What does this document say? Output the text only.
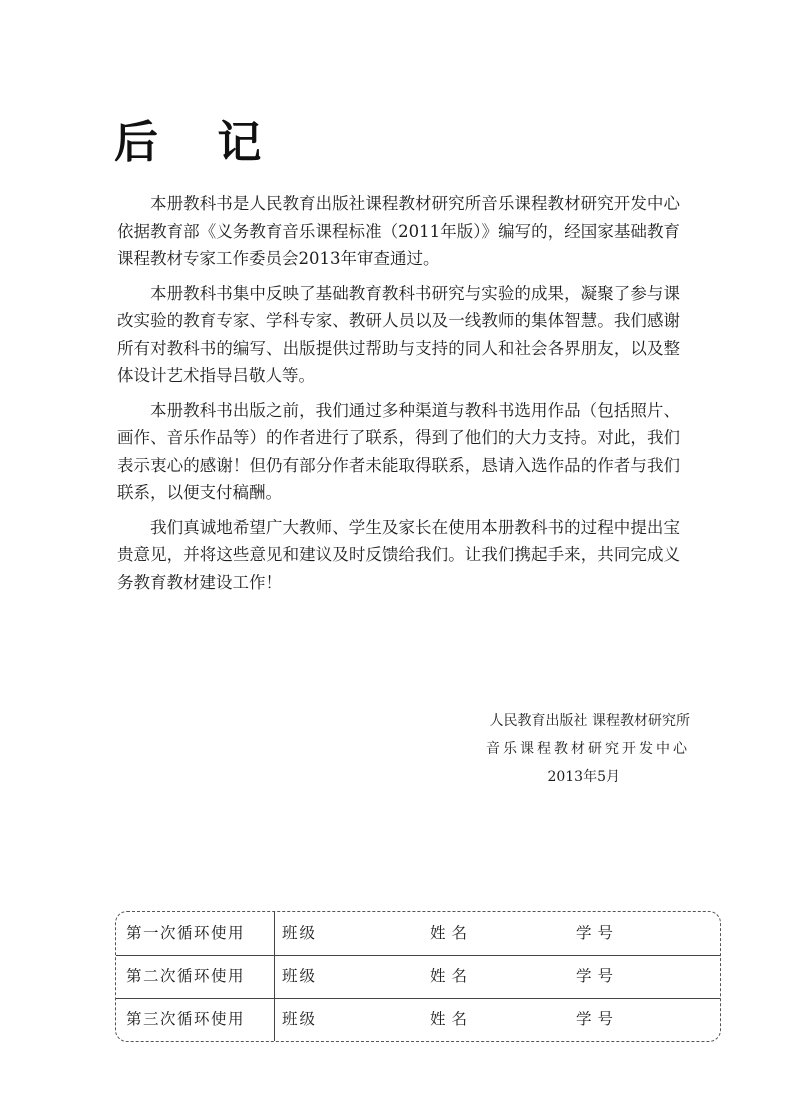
后 记

本册教科书是人民教育出版社课程教材研究所音乐课程教材研究开发中心依据教育部《义务教育音乐课程标准（2011年版）》编写的，经国家基础教育课程教材专家工作委员会2013年审查通过。

本册教科书集中反映了基础教育教科书研究与实验的成果，凝聚了参与课改实验的教育专家、学科专家、教研人员以及一线教师的集体智慧。我们感谢所有对教科书的编写、出版提供过帮助与支持的同人和社会各界朋友，以及整体设计艺术指导吕敬人等。

本册教科书出版之前，我们通过多种渠道与教科书选用作品（包括照片、画作、音乐作品等）的作者进行了联系，得到了他们的大力支持。对此，我们表示衷心的感谢！但仍有部分作者未能取得联系，恳请入选作品的作者与我们联系，以便支付稿酬。

我们真诚地希望广大教师、学生及家长在使用本册教科书的过程中提出宝贵意见，并将这些意见和建议及时反馈给我们。让我们携起手来，共同完成义务教育教材建设工作！

人民教育出版社 课程教材研究所
音乐课程教材研究开发中心
2013年5月
第一次循环使用 班级	姓名	学号
第二次循环使用 班级	姓名	学号
第三次循环使用 班级	姓名	学号
